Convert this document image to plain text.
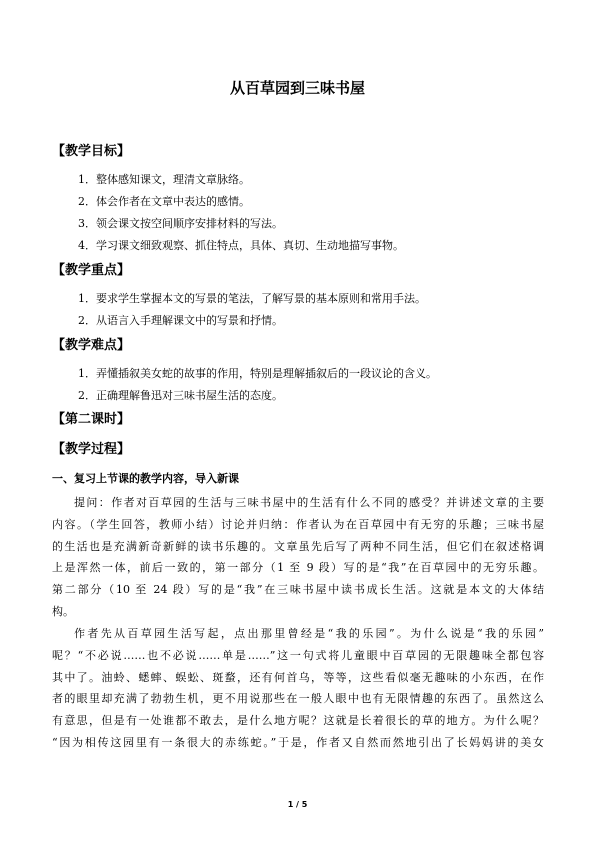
从百草园到三味书屋
【教学目标】
1．整体感知课文，理清文章脉络。
2．体会作者在文章中表达的感情。
3．领会课文按空间顺序安排材料的写法。
4．学习课文细致观察、抓住特点，具体、真切、生动地描写事物。
【教学重点】
1．要求学生掌握本文的写景的笔法，了解写景的基本原则和常用手法。
2．从语言入手理解课文中的写景和抒情。
【教学难点】
1．弄懂插叙美女蛇的故事的作用，特别是理解插叙后的一段议论的含义。
2．正确理解鲁迅对三味书屋生活的态度。
【第二课时】
【教学过程】
一、复习上节课的教学内容，导入新课
提问：作者对百草园的生活与三味书屋中的生活有什么不同的感受？并讲述文章的主要
内容。（学生回答，教师小结）讨论并归纳：作者认为在百草园中有无穷的乐趣；三味书屋
的生活也是充满新奇新鲜的读书乐趣的。文章虽先后写了两种不同生活，但它们在叙述格调
上是浑然一体，前后一致的，第一部分（1 至 9 段）写的是“我”在百草园中的无穷乐趣。
第二部分（10 至 24 段）写的是“我”在三味书屋中读书成长生活。这就是本文的大体结
构。
作者先从百草园生活写起，点出那里曾经是“我的乐园”。为什么说是“我的乐园”
呢？“不必说……也不必说……单是……”这一句式将儿童眼中百草园的无限趣味全都包容
其中了。油蛉、蟋蟀、蜈蚣、斑蝥，还有何首乌，等等，这些看似毫无趣味的小东西，在作
者的眼里却充满了勃勃生机，更不用说那些在一般人眼中也有无限情趣的东西了。虽然这么
有意思，但是有一处谁都不敢去，是什么地方呢？这就是长着很长的草的地方。为什么呢？
“因为相传这园里有一条很大的赤练蛇。”于是，作者又自然而然地引出了长妈妈讲的美女
1 / 5
